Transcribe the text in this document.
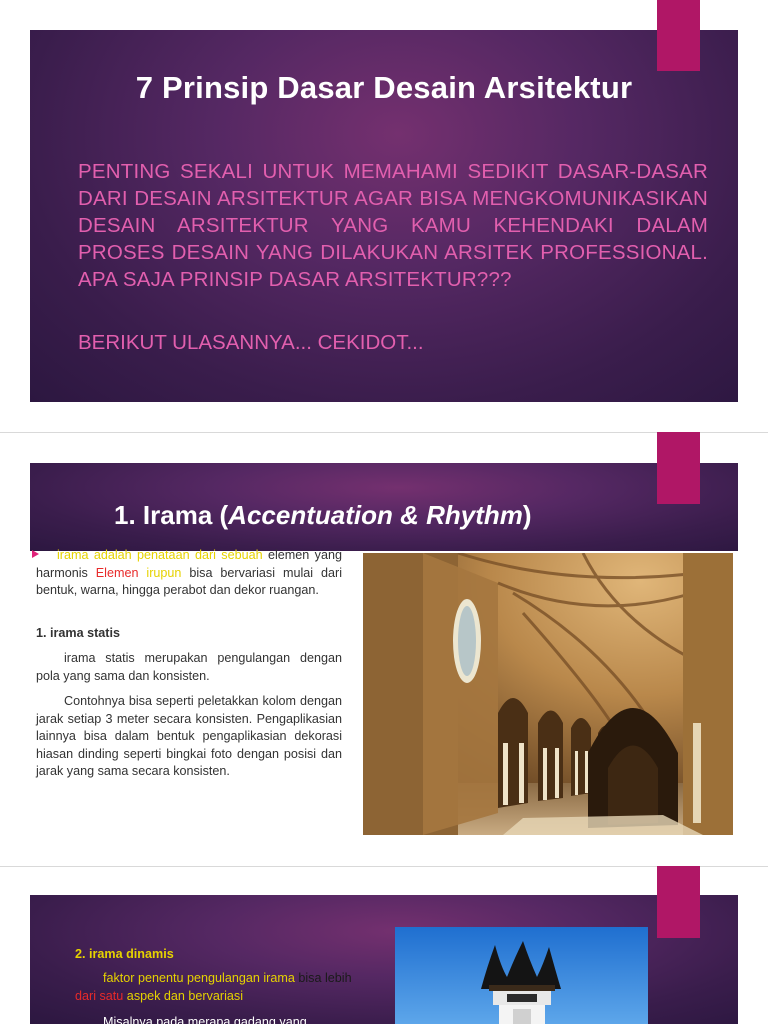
7 Prinsip Dasar Desain Arsitektur
PENTING SEKALI UNTUK MEMAHAMI SEDIKIT DASAR-DASAR DARI DESAIN ARSITEKTUR AGAR BISA MENGKOMUNIKASIKAN DESAIN ARSITEKTUR YANG KAMU KEHENDAKI DALAM PROSES DESAIN YANG DILAKUKAN ARSITEK PROFESSIONAL. APA SAJA PRINSIP DASAR ARSITEKTUR???
BERIKUT ULASANNYA... CEKIDOT...
1. Irama (Accentuation & Rhythm)
irama adalah penataan dari sebuah elemen yang harmonis Elemen irupun bisa bervariasi mulai dari bentuk, warna, hingga perabot dan dekor ruangan.
1. irama statis
irama statis merupakan pengulangan dengan pola yang sama dan konsisten.
Contohnya bisa seperti peletakkan kolom dengan jarak setiap 3 meter secara konsisten. Pengaplikasian lainnya bisa dalam bentuk pengaplikasian dekorasi hiasan dinding seperti bingkai foto dengan posisi dan jarak yang sama secara konsisten.
2. irama dinamis
faktor penentu pengulangan irama bisa lebih dari satu aspek dan bervariasi
Misalnya pada merapa gadang yang
